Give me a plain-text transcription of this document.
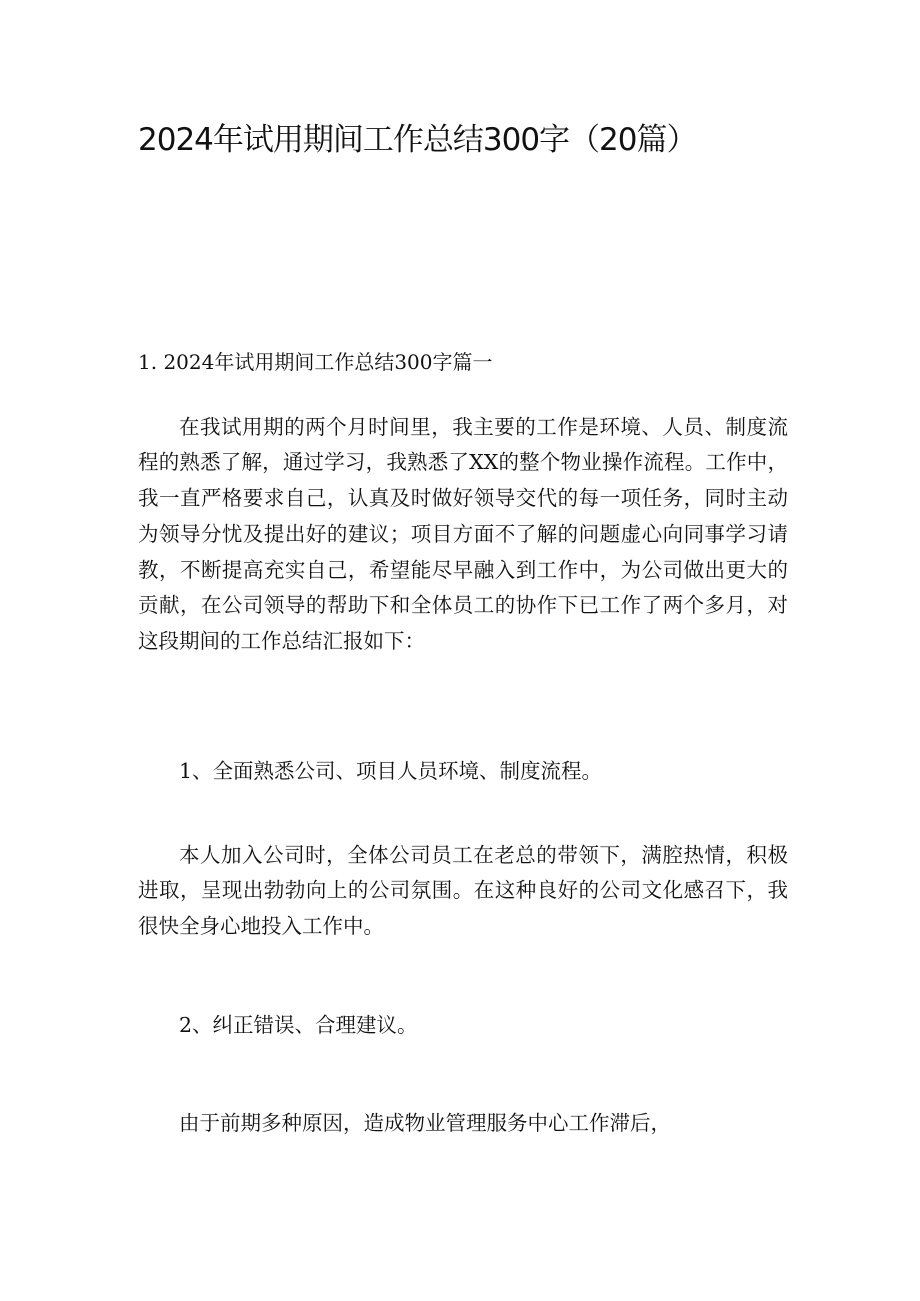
2024年试用期间工作总结300字（20篇）
1. 2024年试用期间工作总结300字篇一

在我试用期的两个月时间里，我主要的工作是环境、人员、制度流程的熟悉了解，通过学习，我熟悉了XX的整个物业操作流程。工作中，我一直严格要求自己，认真及时做好领导交代的每一项任务，同时主动为领导分忧及提出好的建议；项目方面不了解的问题虚心向同事学习请教，不断提高充实自己，希望能尽早融入到工作中，为公司做出更大的贡献，在公司领导的帮助下和全体员工的协作下已工作了两个多月，对这段期间的工作总结汇报如下：

1、全面熟悉公司、项目人员环境、制度流程。

本人加入公司时，全体公司员工在老总的带领下，满腔热情，积极进取，呈现出勃勃向上的公司氛围。在这种良好的公司文化感召下，我很快全身心地投入工作中。

2、纠正错误、合理建议。

由于前期多种原因，造成物业管理服务中心工作滞后，
